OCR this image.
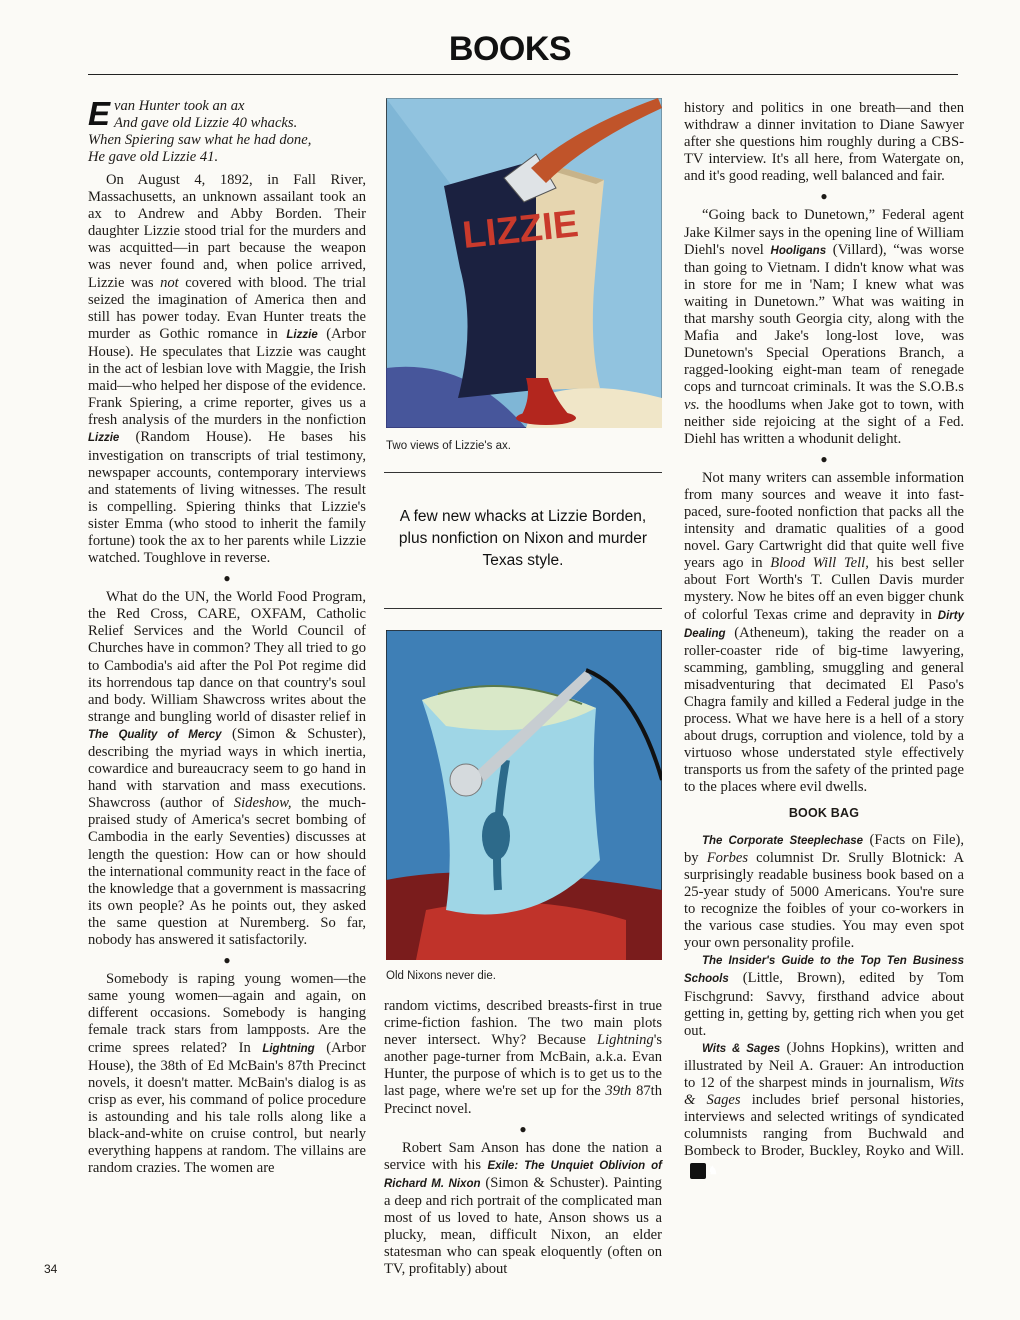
BOOKS
E van Hunter took an ax
And gave old Lizzie 40 whacks.
When Spiering saw what he had done,
He gave old Lizzie 41.

On August 4, 1892, in Fall River, Massachusetts, an unknown assailant took an ax to Andrew and Abby Borden. Their daughter Lizzie stood trial for the murders and was acquitted—in part because the weapon was never found and, when police arrived, Lizzie was not covered with blood. The trial seized the imagination of America then and still has power today. Evan Hunter treats the murder as Gothic romance in Lizzie (Arbor House). He speculates that Lizzie was caught in the act of lesbian love with Maggie, the Irish maid—who helped her dispose of the evidence. Frank Spiering, a crime reporter, gives us a fresh analysis of the murders in the nonfiction Lizzie (Random House). He bases his investigation on transcripts of trial testimony, newspaper accounts, contemporary interviews and statements of living witnesses. The result is compelling. Spiering thinks that Lizzie's sister Emma (who stood to inherit the family fortune) took the ax to her parents while Lizzie watched. Toughlove in reverse.

●

What do the UN, the World Food Program, the Red Cross, CARE, OXFAM, Catholic Relief Services and the World Council of Churches have in common? They all tried to go to Cambodia's aid after the Pol Pot regime did its horrendous tap dance on that country's soul and body. William Shawcross writes about the strange and bungling world of disaster relief in The Quality of Mercy (Simon & Schuster), describing the myriad ways in which inertia, cowardice and bureaucracy seem to go hand in hand with starvation and mass executions. Shawcross (author of Sideshow, the much-praised study of America's secret bombing of Cambodia in the early Seventies) discusses at length the question: How can or how should the international community react in the face of the knowledge that a government is massacring its own people? As he points out, they asked the same question at Nuremberg. So far, nobody has answered it satisfactorily.

●

Somebody is raping young women—the same young women—again and again, on different occasions. Somebody is hanging female track stars from lampposts. Are the crime sprees related? In Lightning (Arbor House), the 38th of Ed McBain's 87th Precinct novels, it doesn't matter. McBain's dialog is as crisp as ever, his command of police procedure is astounding and his tale rolls along like a black-and-white on cruise control, but nearly everything happens at random. The villains are random crazies. The women are

LIZZIE
Two views of Lizzie's ax.
A few new whacks at Lizzie Borden, plus nonfiction on Nixon and murder Texas style.
Old Nixons never die.

random victims, described breasts-first in true crime-fiction fashion. The two main plots never intersect. Why? Because Lightning's another page-turner from McBain, a.k.a. Evan Hunter, the purpose of which is to get us to the last page, where we're set up for the 39th 87th Precinct novel.

●

Robert Sam Anson has done the nation a service with his Exile: The Unquiet Oblivion of Richard M. Nixon (Simon & Schuster). Painting a deep and rich portrait of the complicated man most of us loved to hate, Anson shows us a plucky, mean, difficult Nixon, an elder statesman who can speak eloquently (often on TV, profitably) about

history and politics in one breath—and then withdraw a dinner invitation to Diane Sawyer after she questions him roughly during a CBS-TV interview. It's all here, from Watergate on, and it's good reading, well balanced and fair.

●

“Going back to Dunetown,” Federal agent Jake Kilmer says in the opening line of William Diehl's novel Hooligans (Villard), “was worse than going to Vietnam. I didn't know what was in store for me in 'Nam; I knew what was waiting in Dunetown.” What was waiting in that marshy south Georgia city, along with the Mafia and Jake's long-lost love, was Dunetown's Special Operations Branch, a ragged-looking eight-man team of renegade cops and turncoat criminals. It was the S.O.B.s vs. the hoodlums when Jake got to town, with neither side rejoicing at the sight of a Fed. Diehl has written a whodunit delight.

●

Not many writers can assemble information from many sources and weave it into fast-paced, sure-footed nonfiction that packs all the intensity and dramatic qualities of a good novel. Gary Cartwright did that quite well five years ago in Blood Will Tell, his best seller about Fort Worth's T. Cullen Davis murder mystery. Now he bites off an even bigger chunk of colorful Texas crime and depravity in Dirty Dealing (Atheneum), taking the reader on a roller-coaster ride of big-time lawyering, scamming, gambling, smuggling and general misadventuring that decimated El Paso's Chagra family and killed a Federal judge in the process. What we have here is a hell of a story about drugs, corruption and violence, told by a virtuoso whose understated style effectively transports us from the safety of the printed page to the places where evil dwells.

BOOK BAG

The Corporate Steeplechase (Facts on File), by Forbes columnist Dr. Srully Blotnick: A surprisingly readable business book based on a 25-year study of 5000 Americans. You're sure to recognize the foibles of your co-workers in the various case studies. You may even spot your own personality profile.

The Insider's Guide to the Top Ten Business Schools (Little, Brown), edited by Tom Fischgrund: Savvy, firsthand advice about getting in, getting by, getting rich when you get out.

Wits & Sages (Johns Hopkins), written and illustrated by Neil A. Grauer: An introduction to 12 of the sharpest minds in journalism, Wits & Sages includes brief personal histories, interviews and selected writings of syndicated columnists ranging from Buchwald and Bombeck to Broder, Buckley, Royko and Will.♞

34
